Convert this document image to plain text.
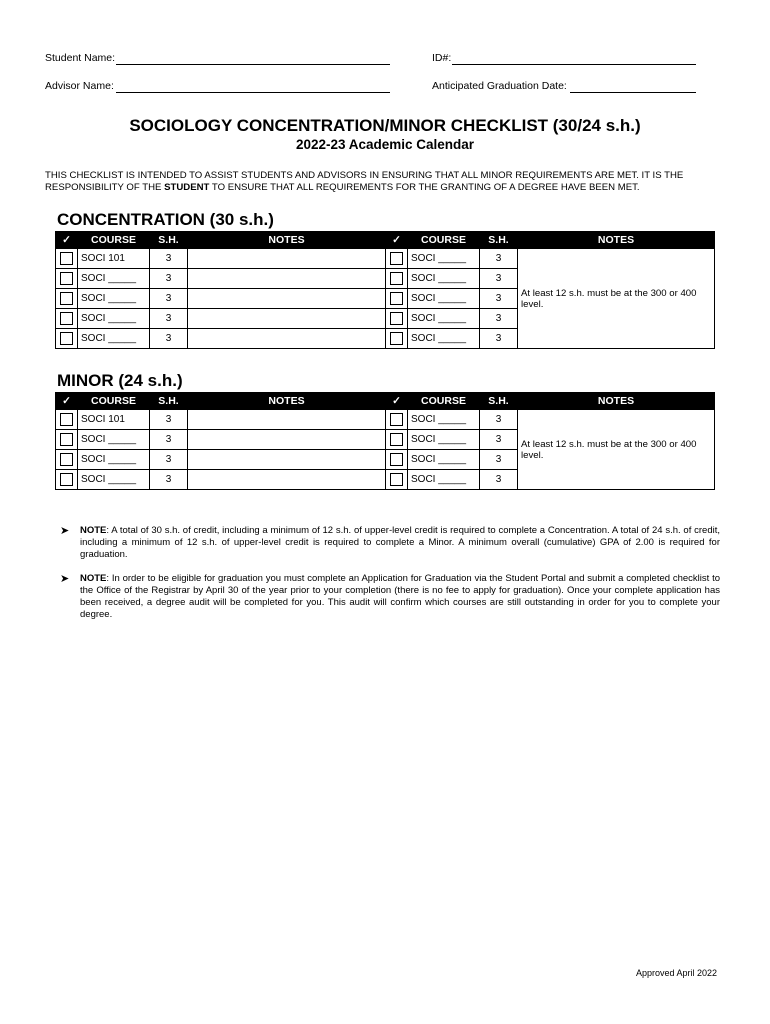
Student Name:	ID#:
Advisor Name:	Anticipated Graduation Date:
SOCIOLOGY CONCENTRATION/MINOR CHECKLIST (30/24 s.h.)
2022-23 Academic Calendar
THIS CHECKLIST IS INTENDED TO ASSIST STUDENTS AND ADVISORS IN ENSURING THAT ALL MINOR REQUIREMENTS ARE MET. IT IS THE RESPONSIBILITY OF THE STUDENT TO ENSURE THAT ALL REQUIREMENTS FOR THE GRANTING OF A DEGREE HAVE BEEN MET.
CONCENTRATION (30 s.h.)
✓	COURSE	S.H.	NOTES		✓	COURSE	S.H.	NOTES
	SOCI 101	3				SOCI _____	3	At least 12 s.h. must be at the 300 or 400 level.
	SOCI _____	3				SOCI _____	3	
	SOCI _____	3				SOCI _____	3	
	SOCI _____	3				SOCI _____	3	
	SOCI _____	3				SOCI _____	3	
MINOR (24 s.h.)
✓	COURSE	S.H.	NOTES		✓	COURSE	S.H.	NOTES
	SOCI 101	3				SOCI _____	3	At least 12 s.h. must be at the 300 or 400 level.
	SOCI _____	3				SOCI _____	3	
	SOCI _____	3				SOCI _____	3	
	SOCI _____	3				SOCI _____	3	
➤ NOTE: A total of 30 s.h. of credit, including a minimum of 12 s.h. of upper-level credit is required to complete a Concentration. A total of 24 s.h. of credit, including a minimum of 12 s.h. of upper-level credit is required to complete a Minor. A minimum overall (cumulative) GPA of 2.00 is required for graduation.
➤ NOTE: In order to be eligible for graduation you must complete an Application for Graduation via the Student Portal and submit a completed checklist to the Office of the Registrar by April 30 of the year prior to your completion (there is no fee to apply for graduation). Once your complete application has been received, a degree audit will be completed for you. This audit will confirm which courses are still outstanding in order for you to complete your degree.
Approved April 2022
